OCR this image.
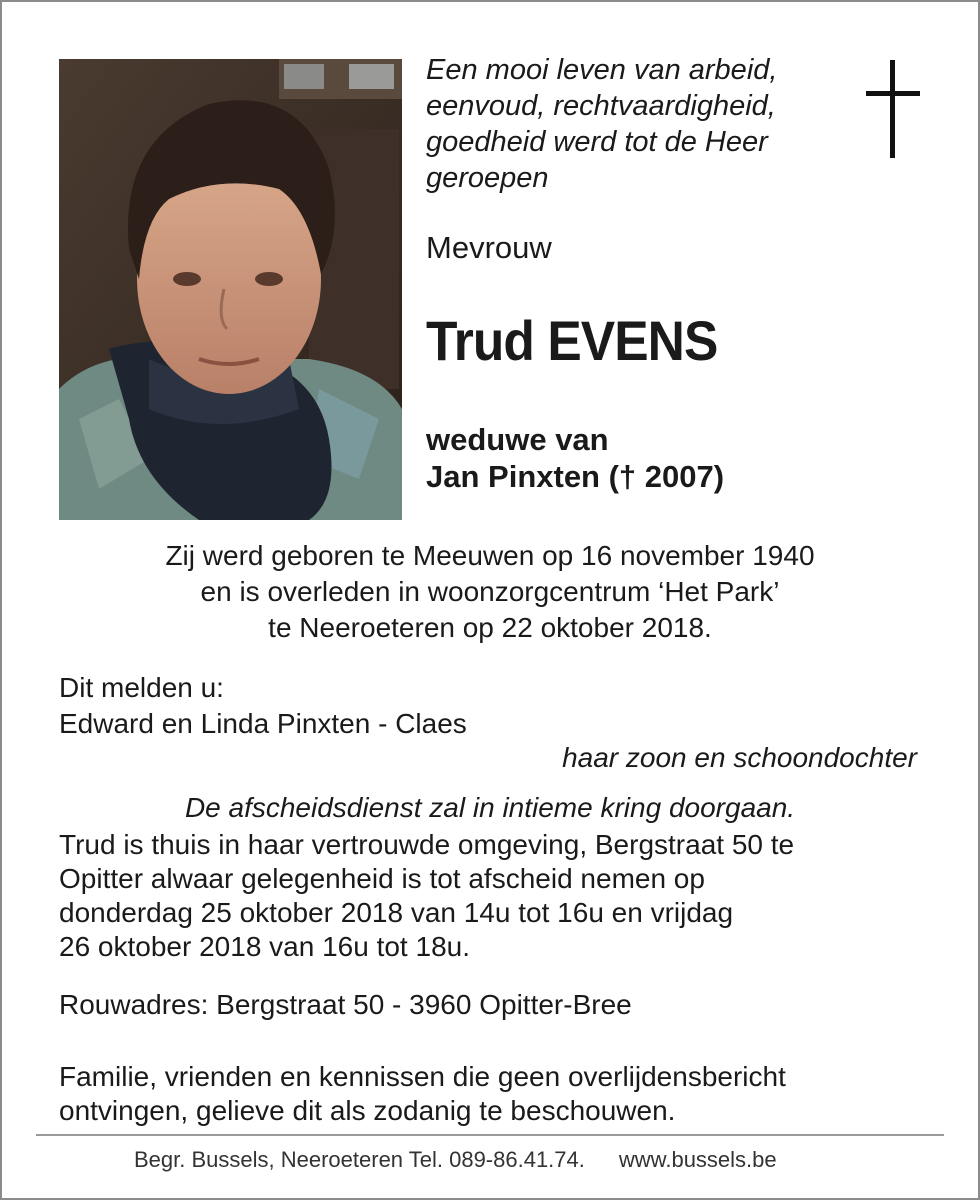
Een mooi leven van arbeid,
eenvoud, rechtvaardigheid,
goedheid werd tot de Heer
geroepen
Mevrouw
Trud EVENS
weduwe van
Jan Pinxten († 2007)
Zij werd geboren te Meeuwen op 16 november 1940
en is overleden in woonzorgcentrum ‘Het Park’
te Neeroeteren op 22 oktober 2018.
Dit melden u:
Edward en Linda Pinxten - Claes
haar zoon en schoondochter
De afscheidsdienst zal in intieme kring doorgaan.
Trud is thuis in haar vertrouwde omgeving, Bergstraat 50 te
Opitter alwaar gelegenheid is tot afscheid nemen op
donderdag 25 oktober 2018 van 14u tot 16u en vrijdag
26 oktober 2018 van 16u tot 18u.
Rouwadres: Bergstraat 50 - 3960 Opitter-Bree
Familie, vrienden en kennissen die geen overlijdensbericht
ontvingen, gelieve dit als zodanig te beschouwen.
Begr. Bussels, Neeroeteren Tel. 089-86.41.74. www.bussels.be
